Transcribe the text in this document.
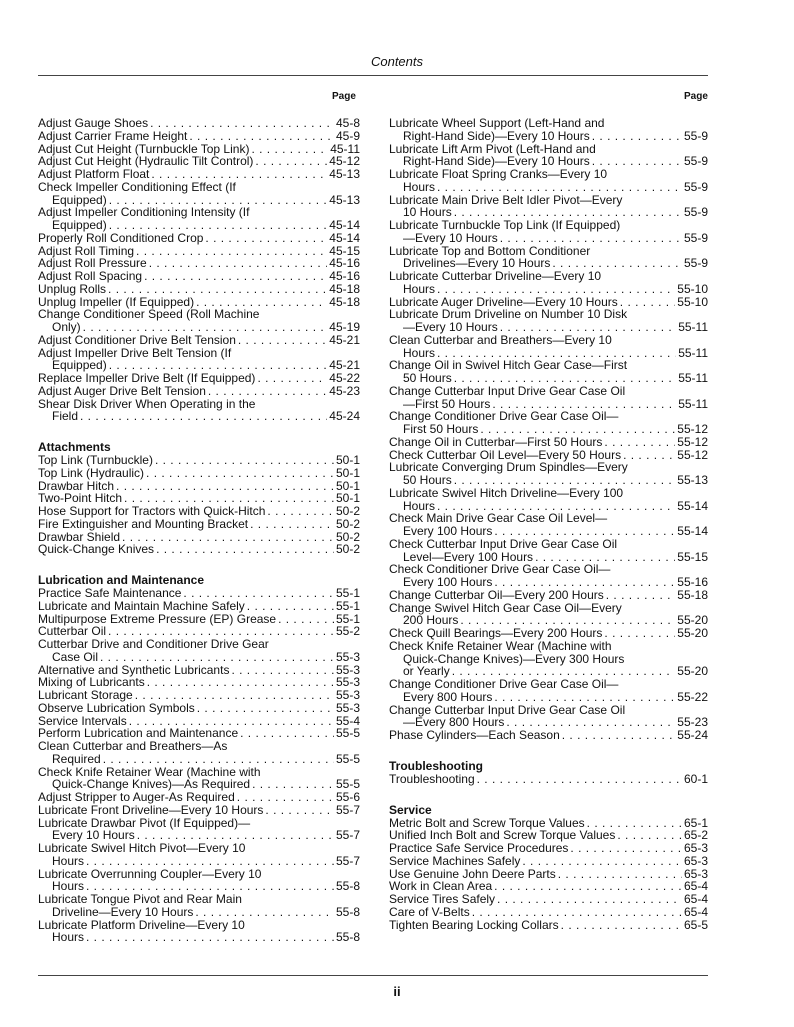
Contents
Page	Page
Adjust Gauge Shoes . . .	45-8
Adjust Carrier Frame Height . . .	45-9
Adjust Cut Height (Turnbuckle Top Link) . . .	45-11
Adjust Cut Height (Hydraulic Tilt Control) . . .	45-12
Adjust Platform Float . . .	45-13
Check Impeller Conditioning Effect (If
Equipped) . . .	45-13
Adjust Impeller Conditioning Intensity (If
Equipped) . . .	45-14
Properly Roll Conditioned Crop . . .	45-14
Adjust Roll Timing . . .	45-15
Adjust Roll Pressure . . .	45-16
Adjust Roll Spacing . . .	45-16
Unplug Rolls . . .	45-18
Unplug Impeller (If Equipped) . . .	45-18
Change Conditioner Speed (Roll Machine
Only) . . .	45-19
Adjust Conditioner Drive Belt Tension . . .	45-21
Adjust Impeller Drive Belt Tension (If
Equipped) . . .	45-21
Replace Impeller Drive Belt (If Equipped) . . .	45-22
Adjust Auger Drive Belt Tension . . .	45-23
Shear Disk Driver When Operating in the
Field . . .	45-24
Attachments
Top Link (Turnbuckle) . . .	50-1
Top Link (Hydraulic) . . .	50-1
Drawbar Hitch . . .	50-1
Two-Point Hitch . . .	50-1
Hose Support for Tractors with Quick-Hitch . . .	50-2
Fire Extinguisher and Mounting Bracket . . .	50-2
Drawbar Shield . . .	50-2
Quick-Change Knives . . .	50-2
Lubrication and Maintenance
Practice Safe Maintenance . . .	55-1
Lubricate and Maintain Machine Safely . . .	55-1
Multipurpose Extreme Pressure (EP) Grease . . .	55-1
Cutterbar Oil . . .	55-2
Cutterbar Drive and Conditioner Drive Gear
Case Oil . . .	55-3
Alternative and Synthetic Lubricants . . .	55-3
Mixing of Lubricants . . .	55-3
Lubricant Storage . . .	55-3
Observe Lubrication Symbols . . .	55-3
Service Intervals . . .	55-4
Perform Lubrication and Maintenance . . .	55-5
Clean Cutterbar and Breathers—As
Required . . .	55-5
Check Knife Retainer Wear (Machine with
Quick-Change Knives)—As Required . . .	55-5
Adjust Stripper to Auger-As Required . . .	55-6
Lubricate Front Driveline—Every 10 Hours . . .	55-7
Lubricate Drawbar Pivot (If Equipped)—
Every 10 Hours . . .	55-7
Lubricate Swivel Hitch Pivot—Every 10
Hours . . .	55-7
Lubricate Overrunning Coupler—Every 10
Hours . . .	55-8
Lubricate Tongue Pivot and Rear Main
Driveline—Every 10 Hours . . .	55-8
Lubricate Platform Driveline—Every 10
Hours . . .	55-8
Lubricate Wheel Support (Left-Hand and
Right-Hand Side)—Every 10 Hours . . .	55-9
Lubricate Lift Arm Pivot (Left-Hand and
Right-Hand Side)—Every 10 Hours . . .	55-9
Lubricate Float Spring Cranks—Every 10
Hours . . .	55-9
Lubricate Main Drive Belt Idler Pivot—Every
10 Hours . . .	55-9
Lubricate Turnbuckle Top Link (If Equipped)
—Every 10 Hours . . .	55-9
Lubricate Top and Bottom Conditioner
Drivelines—Every 10 Hours . . .	55-9
Lubricate Cutterbar Driveline—Every 10
Hours . . .	55-10
Lubricate Auger Driveline—Every 10 Hours . . .	55-10
Lubricate Drum Driveline on Number 10 Disk
—Every 10 Hours . . .	55-11
Clean Cutterbar and Breathers—Every 10
Hours . . .	55-11
Change Oil in Swivel Hitch Gear Case—First
50 Hours . . .	55-11
Change Cutterbar Input Drive Gear Case Oil
—First 50 Hours . . .	55-11
Change Conditioner Drive Gear Case Oil—
First 50 Hours . . .	55-12
Change Oil in Cutterbar—First 50 Hours . . .	55-12
Check Cutterbar Oil Level—Every 50 Hours . . .	55-12
Lubricate Converging Drum Spindles—Every
50 Hours . . .	55-13
Lubricate Swivel Hitch Driveline—Every 100
Hours . . .	55-14
Check Main Drive Gear Case Oil Level—
Every 100 Hours . . .	55-14
Check Cutterbar Input Drive Gear Case Oil
Level—Every 100 Hours . . .	55-15
Check Conditioner Drive Gear Case Oil—
Every 100 Hours . . .	55-16
Change Cutterbar Oil—Every 200 Hours . . .	55-18
Change Swivel Hitch Gear Case Oil—Every
200 Hours . . .	55-20
Check Quill Bearings—Every 200 Hours . . .	55-20
Check Knife Retainer Wear (Machine with
Quick-Change Knives)—Every 300 Hours
or Yearly . . .	55-20
Change Conditioner Drive Gear Case Oil—
Every 800 Hours . . .	55-22
Change Cutterbar Input Drive Gear Case Oil
—Every 800 Hours . . .	55-23
Phase Cylinders—Each Season . . .	55-24
Troubleshooting
Troubleshooting . . .	60-1
Service
Metric Bolt and Screw Torque Values . . .	65-1
Unified Inch Bolt and Screw Torque Values . . .	65-2
Practice Safe Service Procedures . . .	65-3
Service Machines Safely . . .	65-3
Use Genuine John Deere Parts . . .	65-3
Work in Clean Area . . .	65-4
Service Tires Safely . . .	65-4
Care of V-Belts . . .	65-4
Tighten Bearing Locking Collars . . .	65-5
ii
